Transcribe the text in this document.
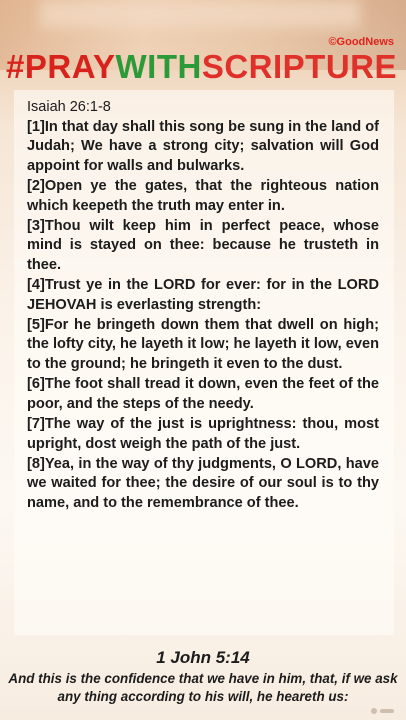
©GoodNews
#PRAYWITHSCRIPTURE
Isaiah 26:1-8
[1]In that day shall this song be sung in the land of Judah; We have a strong city; salvation will God appoint for walls and bulwarks.
[2]Open ye the gates, that the righteous nation which keepeth the truth may enter in.
[3]Thou wilt keep him in perfect peace, whose mind is stayed on thee: because he trusteth in thee.
[4]Trust ye in the LORD for ever: for in the LORD JEHOVAH is everlasting strength:
[5]For he bringeth down them that dwell on high; the lofty city, he layeth it low; he layeth it low, even to the ground; he bringeth it even to the dust.
[6]The foot shall tread it down, even the feet of the poor, and the steps of the needy.
[7]The way of the just is uprightness: thou, most upright, dost weigh the path of the just.
[8]Yea, in the way of thy judgments, O LORD, have we waited for thee; the desire of our soul is to thy name, and to the remembrance of thee.
1 John 5:14
And this is the confidence that we have in him, that, if we ask any thing according to his will, he heareth us:
